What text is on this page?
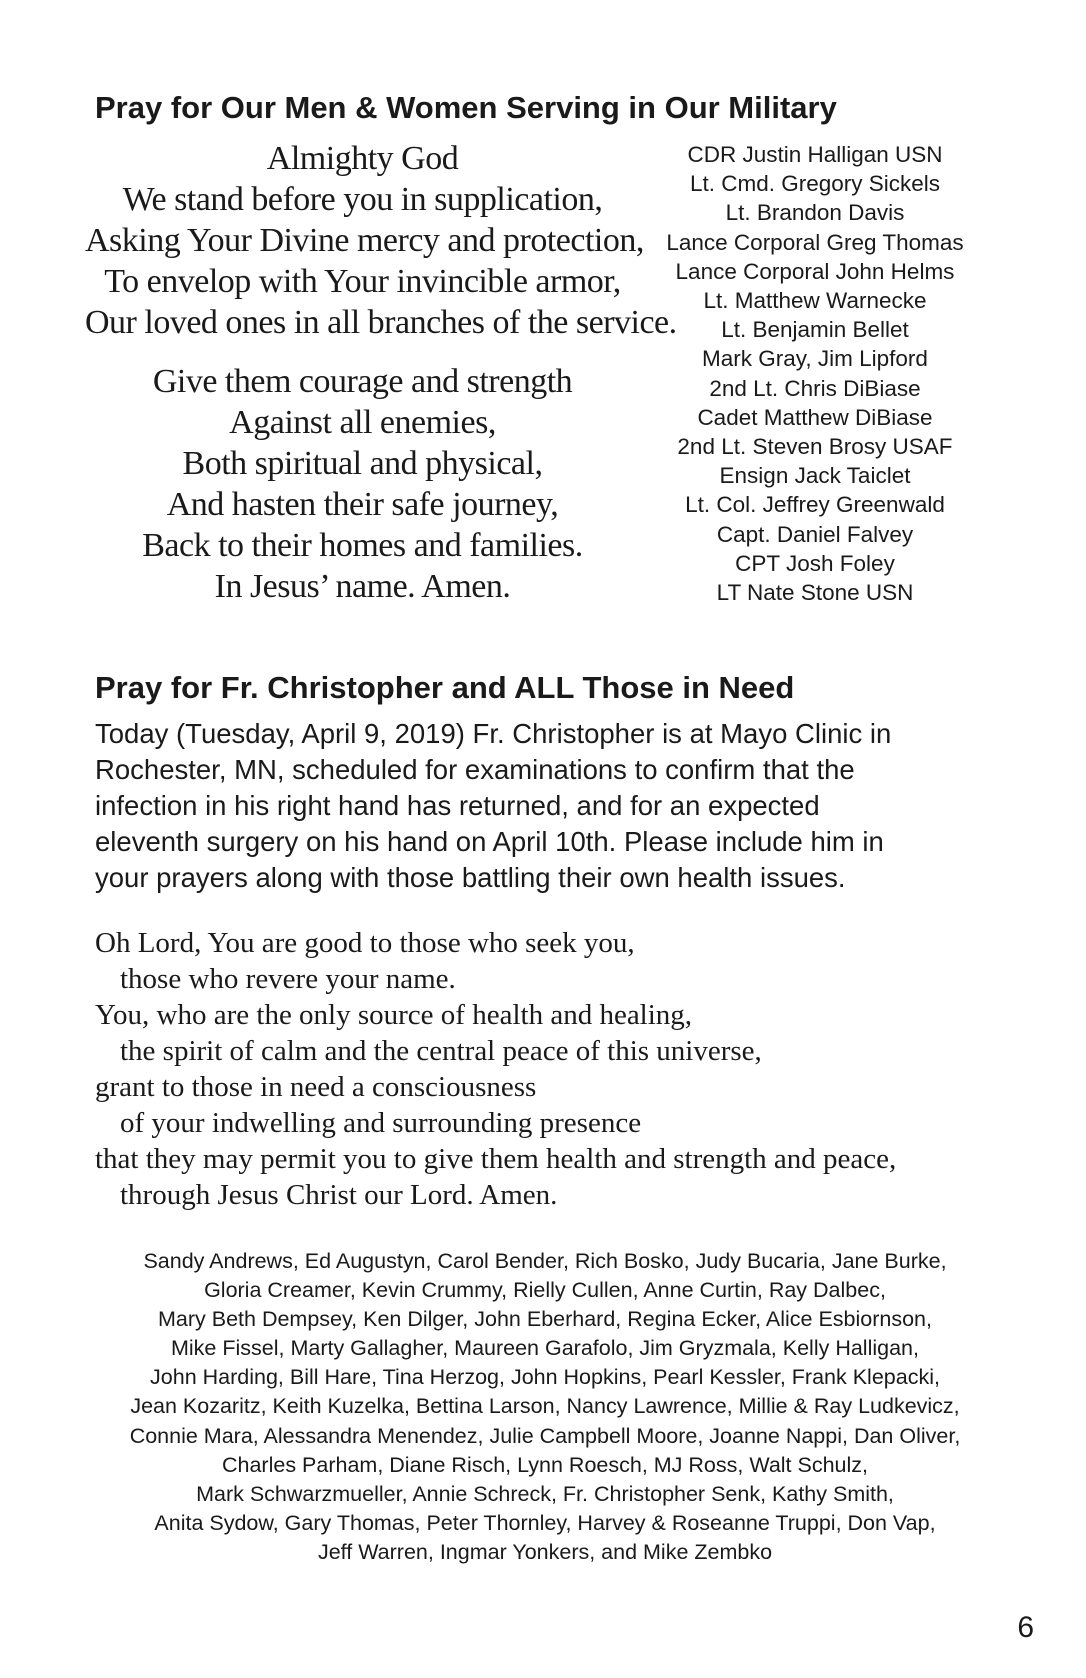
Pray for Our Men & Women Serving in Our Military

Almighty God
We stand before you in supplication,
Asking Your Divine mercy and protection,
To envelop with Your invincible armor,
Our loved ones in all branches of the service.

Give them courage and strength
Against all enemies,
Both spiritual and physical,
And hasten their safe journey,
Back to their homes and families.
In Jesus’ name. Amen.

CDR Justin Halligan USN
Lt. Cmd. Gregory Sickels
Lt. Brandon Davis
Lance Corporal Greg Thomas
Lance Corporal John Helms
Lt. Matthew Warnecke
Lt. Benjamin Bellet
Mark Gray, Jim Lipford
2nd Lt. Chris DiBiase
Cadet Matthew DiBiase
2nd Lt. Steven Brosy USAF
Ensign Jack Taiclet
Lt. Col. Jeffrey Greenwald
Capt. Daniel Falvey
CPT Josh Foley
LT Nate Stone USN
Pray for Fr. Christopher and ALL Those in Need

Today (Tuesday, April 9, 2019) Fr. Christopher is at Mayo Clinic in
Rochester, MN, scheduled for examinations to confirm that the
infection in his right hand has returned, and for an expected
eleventh surgery on his hand on April 10th. Please include him in
your prayers along with those battling their own health issues.

Oh Lord, You are good to those who seek you,
those who revere your name.
You, who are the only source of health and healing,
the spirit of calm and the central peace of this universe,
grant to those in need a consciousness
of your indwelling and surrounding presence
that they may permit you to give them health and strength and peace,
through Jesus Christ our Lord. Amen.

Sandy Andrews, Ed Augustyn, Carol Bender, Rich Bosko, Judy Bucaria, Jane Burke,
Gloria Creamer, Kevin Crummy, Rielly Cullen, Anne Curtin, Ray Dalbec,
Mary Beth Dempsey, Ken Dilger, John Eberhard, Regina Ecker, Alice Esbiornson,
Mike Fissel, Marty Gallagher, Maureen Garafolo, Jim Gryzmala, Kelly Halligan,
John Harding, Bill Hare, Tina Herzog, John Hopkins, Pearl Kessler, Frank Klepacki,
Jean Kozaritz, Keith Kuzelka, Bettina Larson, Nancy Lawrence, Millie & Ray Ludkevicz,
Connie Mara, Alessandra Menendez, Julie Campbell Moore, Joanne Nappi, Dan Oliver,
Charles Parham, Diane Risch, Lynn Roesch, MJ Ross, Walt Schulz,
Mark Schwarzmueller, Annie Schreck, Fr. Christopher Senk, Kathy Smith,
Anita Sydow, Gary Thomas, Peter Thornley, Harvey & Roseanne Truppi, Don Vap,
Jeff Warren, Ingmar Yonkers, and Mike Zembko

6
